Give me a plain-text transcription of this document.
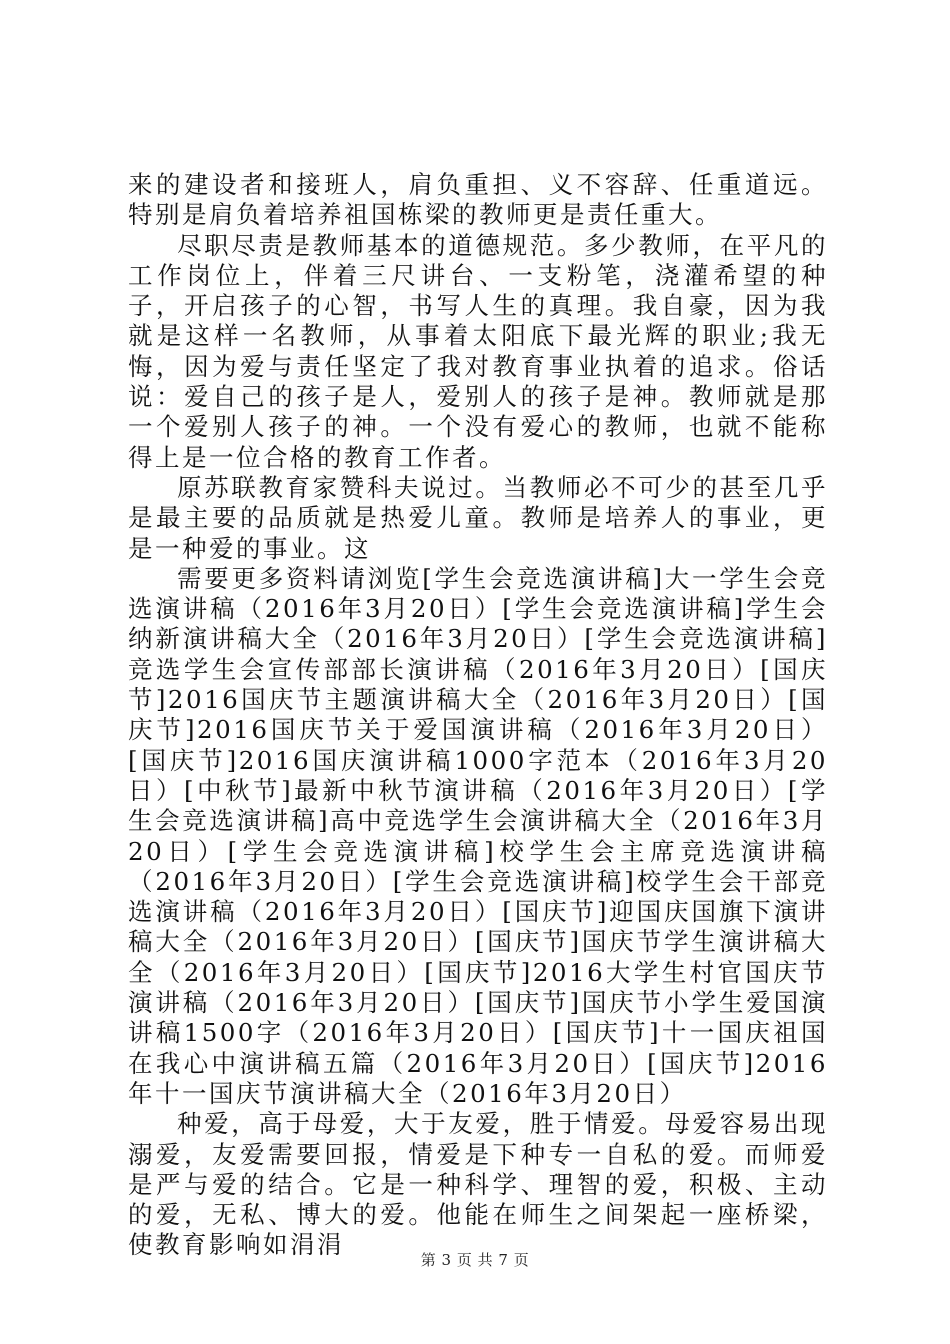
来的建设者和接班人，肩负重担、义不容辞、任重道远。特别是肩负着培养祖国栋梁的教师更是责任重大。

尽职尽责是教师基本的道德规范。多少教师，在平凡的工作岗位上，伴着三尺讲台、一支粉笔，浇灌希望的种子，开启孩子的心智，书写人生的真理。我自豪，因为我就是这样一名教师，从事着太阳底下最光辉的职业;我无悔，因为爱与责任坚定了我对教育事业执着的追求。俗话说：爱自己的孩子是人，爱别人的孩子是神。教师就是那一个爱别人孩子的神。一个没有爱心的教师，也就不能称得上是一位合格的教育工作者。

原苏联教育家赞科夫说过。当教师必不可少的甚至几乎是最主要的品质就是热爱儿童。教师是培养人的事业，更是一种爱的事业。这

需要更多资料请浏览[学生会竞选演讲稿]大一学生会竞选演讲稿（2016年3月20日）[学生会竞选演讲稿]学生会纳新演讲稿大全（2016年3月20日）[学生会竞选演讲稿]竞选学生会宣传部部长演讲稿（2016年3月20日）[国庆节]2016国庆节主题演讲稿大全（2016年3月20日）[国庆节]2016国庆节关于爱国演讲稿（2016年3月20日）[国庆节]2016国庆演讲稿1000字范本（2016年3月20日）[中秋节]最新中秋节演讲稿（2016年3月20日）[学生会竞选演讲稿]高中竞选学生会演讲稿大全（2016年3月20日）[学生会竞选演讲稿]校学生会主席竞选演讲稿（2016年3月20日）[学生会竞选演讲稿]校学生会干部竞选演讲稿（2016年3月20日）[国庆节]迎国庆国旗下演讲稿大全（2016年3月20日）[国庆节]国庆节学生演讲稿大全（2016年3月20日）[国庆节]2016大学生村官国庆节演讲稿（2016年3月20日）[国庆节]国庆节小学生爱国演讲稿1500字（2016年3月20日）[国庆节]十一国庆祖国在我心中演讲稿五篇（2016年3月20日）[国庆节]2016年十一国庆节演讲稿大全（2016年3月20日）

种爱，高于母爱，大于友爱，胜于情爱。母爱容易出现溺爱，友爱需要回报，情爱是下种专一自私的爱。而师爱是严与爱的结合。它是一种科学、理智的爱，积极、主动的爱，无私、博大的爱。他能在师生之间架起一座桥梁，使教育影响如涓涓

第 3 页 共 7 页
